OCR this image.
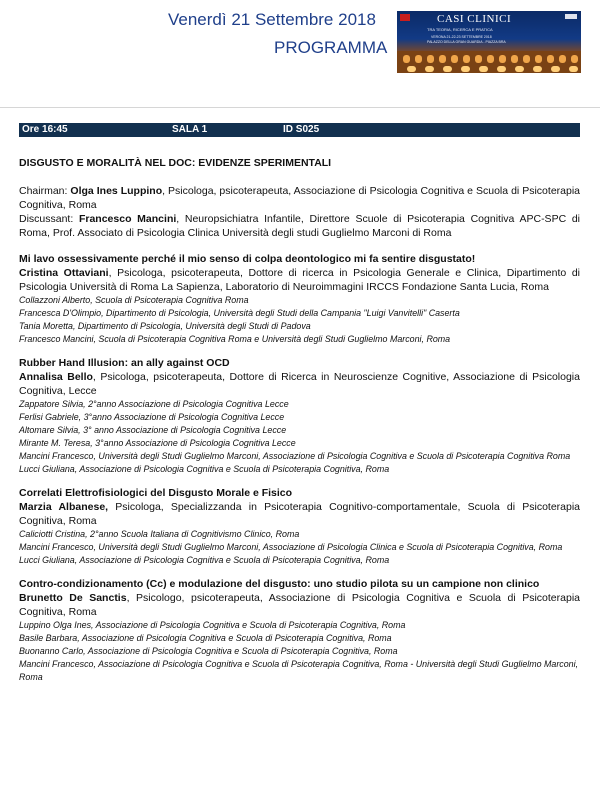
Venerdì 21 Settembre 2018
PROGRAMMA
CASI CLINICI
TRA TEORIA, RICERCA E PRATICA
VERONA 21-22-23 SETTEMBRE 2018
PALAZZO DELLA GRAN GUARDIA - PIAZZA BRA
Ore 16:45	SALA 1	ID S025
DISGUSTO E MORALITÀ NEL DOC: EVIDENZE SPERIMENTALI

Chairman: Olga Ines Luppino, Psicologa, psicoterapeuta, Associazione di Psicologia Cognitiva e Scuola di Psicoterapia Cognitiva, Roma

Discussant: Francesco Mancini, Neuropsichiatra Infantile, Direttore Scuole di Psicoterapia Cognitiva APC-SPC di Roma, Prof. Associato di Psicologia Clinica Università degli studi Guglielmo Marconi di Roma

Mi lavo ossessivamente perché il mio senso di colpa deontologico mi fa sentire disgustato!

Cristina Ottaviani, Psicologa, psicoterapeuta, Dottore di ricerca in Psicologia Generale e Clinica, Dipartimento di Psicologia Università di Roma La Sapienza, Laboratorio di Neuroimmagini IRCCS Fondazione Santa Lucia, Roma

Collazzoni Alberto, Scuola di Psicoterapia Cognitiva Roma

Francesca D'Olimpio, Dipartimento di Psicologia, Università degli Studi della Campania "Luigi Vanvitelli" Caserta

Tania Moretta, Dipartimento di Psicologia, Università degli Studi di Padova

Francesco Mancini, Scuola di Psicoterapia Cognitiva Roma e Università degli Studi Guglielmo Marconi, Roma

Rubber Hand Illusion: an ally against OCD

Annalisa Bello, Psicologa, psicoterapeuta, Dottore di Ricerca in Neuroscienze Cognitive, Associazione di Psicologia Cognitiva, Lecce

Zappatore Silvia, 2°anno Associazione di Psicologia Cognitiva Lecce

Ferlisi Gabriele, 3°anno Associazione di Psicologia Cognitiva Lecce

Altomare Silvia, 3° anno Associazione di Psicologia Cognitiva Lecce

Mirante M. Teresa, 3°anno Associazione di Psicologia Cognitiva Lecce

Mancini Francesco, Università degli Studi Guglielmo Marconi, Associazione di Psicologia Cognitiva e Scuola di Psicoterapia Cognitiva Roma

Lucci Giuliana, Associazione di Psicologia Cognitiva e Scuola di Psicoterapia Cognitiva, Roma

Correlati Elettrofisiologici del Disgusto Morale e Fisico

Marzia Albanese, Psicologa, Specializzanda in Psicoterapia Cognitivo-comportamentale, Scuola di Psicoterapia Cognitiva, Roma

Caliciotti Cristina, 2°anno Scuola Italiana di Cognitivismo Clinico, Roma

Mancini Francesco, Università degli Studi Guglielmo Marconi, Associazione di Psicologia Clinica e Scuola di Psicoterapia Cognitiva, Roma

Lucci Giuliana, Associazione di Psicologia Cognitiva e Scuola di Psicoterapia Cognitiva, Roma

Contro-condizionamento (Cc) e modulazione del disgusto: uno studio pilota su un campione non clinico

Brunetto De Sanctis, Psicologo, psicoterapeuta, Associazione di Psicologia Cognitiva e Scuola di Psicoterapia Cognitiva, Roma

Luppino Olga Ines, Associazione di Psicologia Cognitiva e Scuola di Psicoterapia Cognitiva, Roma

Basile Barbara, Associazione di Psicologia Cognitiva e Scuola di Psicoterapia Cognitiva, Roma

Buonanno Carlo, Associazione di Psicologia Cognitiva e Scuola di Psicoterapia Cognitiva, Roma

Mancini Francesco, Associazione di Psicologia Cognitiva e Scuola di Psicoterapia Cognitiva, Roma - Università degli Studi Guglielmo Marconi, Roma
